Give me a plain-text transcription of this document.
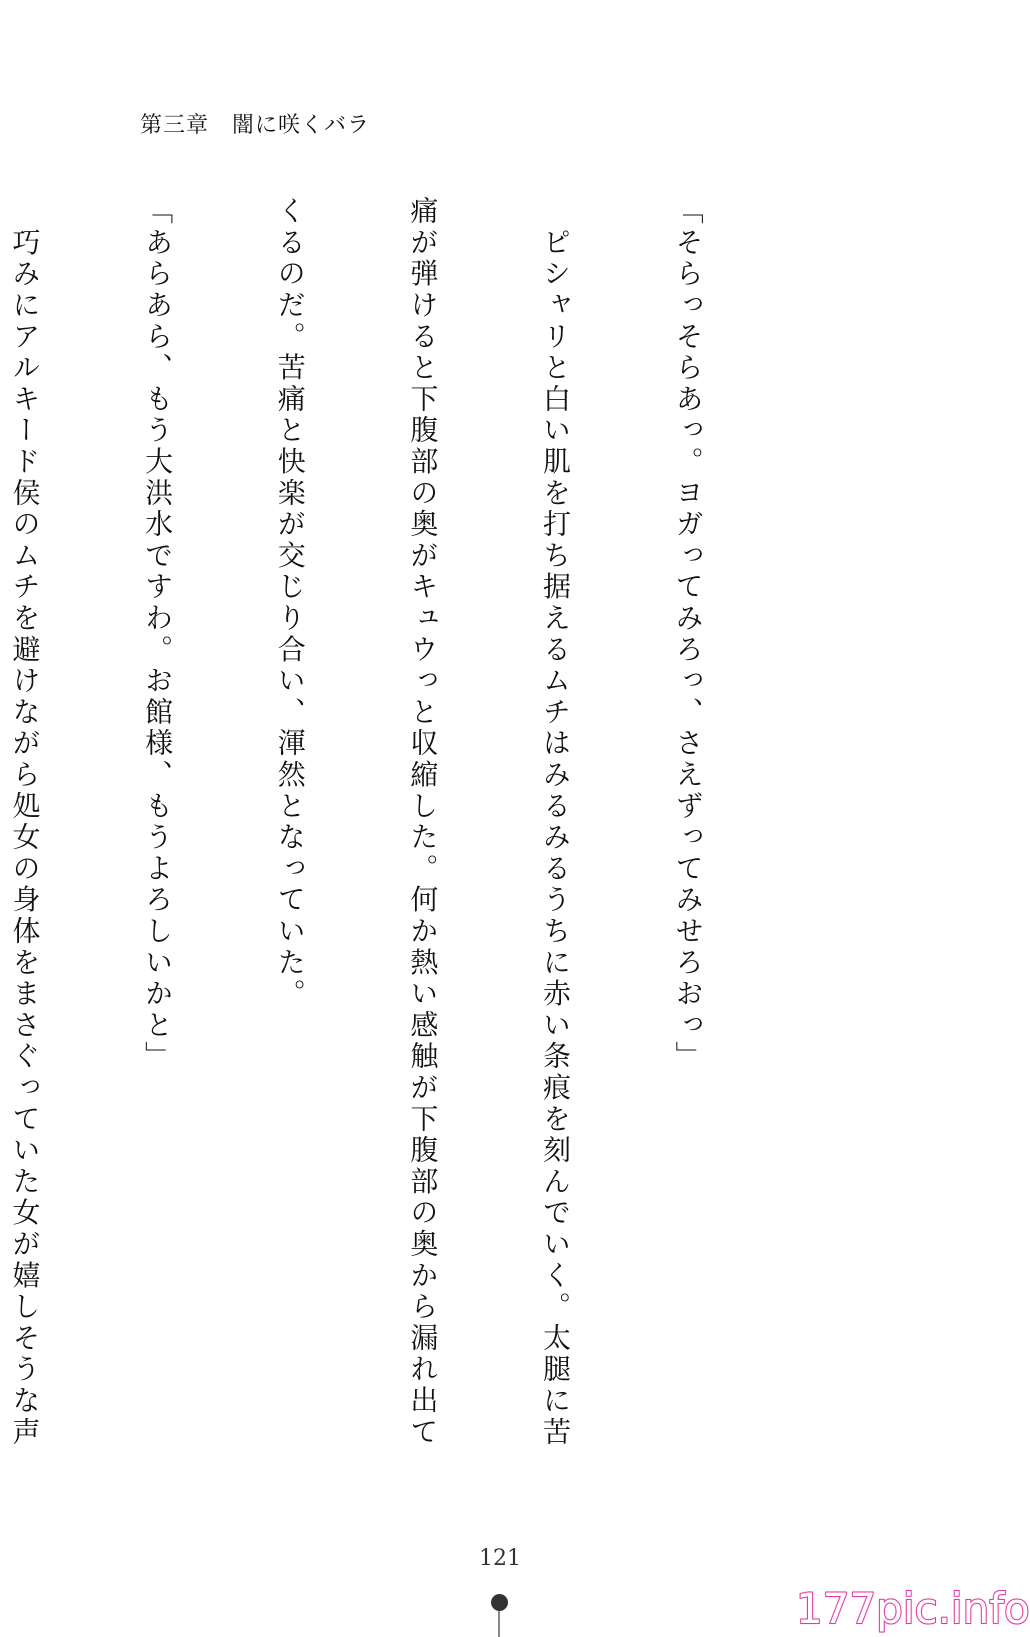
第三章　闇に咲くバラ

「そらっそらあっ。ヨガってみろっ、さえずってみせろおっ」

　ピシャリと白い肌を打ち据えるムチはみるみるうちに赤い条痕を刻んでいく。太腿に苦

痛が弾けると下腹部の奥がキュウっと収縮した。何か熱い感触が下腹部の奥から漏れ出て

くるのだ。苦痛と快楽が交じり合い、渾然となっていた。

「あらあら、もう大洪水ですわ。お館様、もうよろしいかと」

　巧みにアルキード侯のムチを避けながら処女の身体をまさぐっていた女が嬉しそうな声

121
177pic.info
